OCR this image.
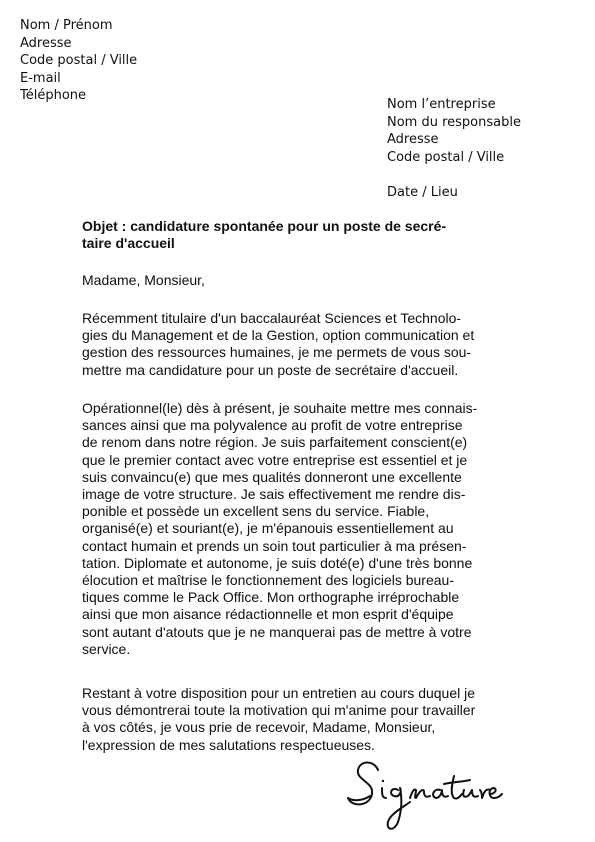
Nom / Prénom
Adresse
Code postal / Ville
E-mail
Téléphone
Nom l’entreprise
Nom du responsable
Adresse
Code postal / Ville
Date / Lieu
Objet : candidature spontanée pour un poste de secré-
taire d'accueil
Madame, Monsieur,
Récemment titulaire d'un baccalauréat Sciences et Technolo-
gies du Management et de la Gestion, option communication et
gestion des ressources humaines, je me permets de vous sou-
mettre ma candidature pour un poste de secrétaire d'accueil.
Opérationnel(le) dès à présent, je souhaite mettre mes connais-
sances ainsi que ma polyvalence au profit de votre entreprise
de renom dans notre région. Je suis parfaitement conscient(e)
que le premier contact avec votre entreprise est essentiel et je
suis convaincu(e) que mes qualités donneront une excellente
image de votre structure. Je sais effectivement me rendre dis-
ponible et possède un excellent sens du service. Fiable,
organisé(e) et souriant(e), je m'épanouis essentiellement au
contact humain et prends un soin tout particulier à ma présen-
tation. Diplomate et autonome, je suis doté(e) d'une très bonne
élocution et maîtrise le fonctionnement des logiciels bureau-
tiques comme le Pack Office. Mon orthographe irréprochable
ainsi que mon aisance rédactionnelle et mon esprit d'équipe
sont autant d'atouts que je ne manquerai pas de mettre à votre
service.
Restant à votre disposition pour un entretien au cours duquel je
vous démontrerai toute la motivation qui m'anime pour travailler
à vos côtés, je vous prie de recevoir, Madame, Monsieur,
l'expression de mes salutations respectueuses.
